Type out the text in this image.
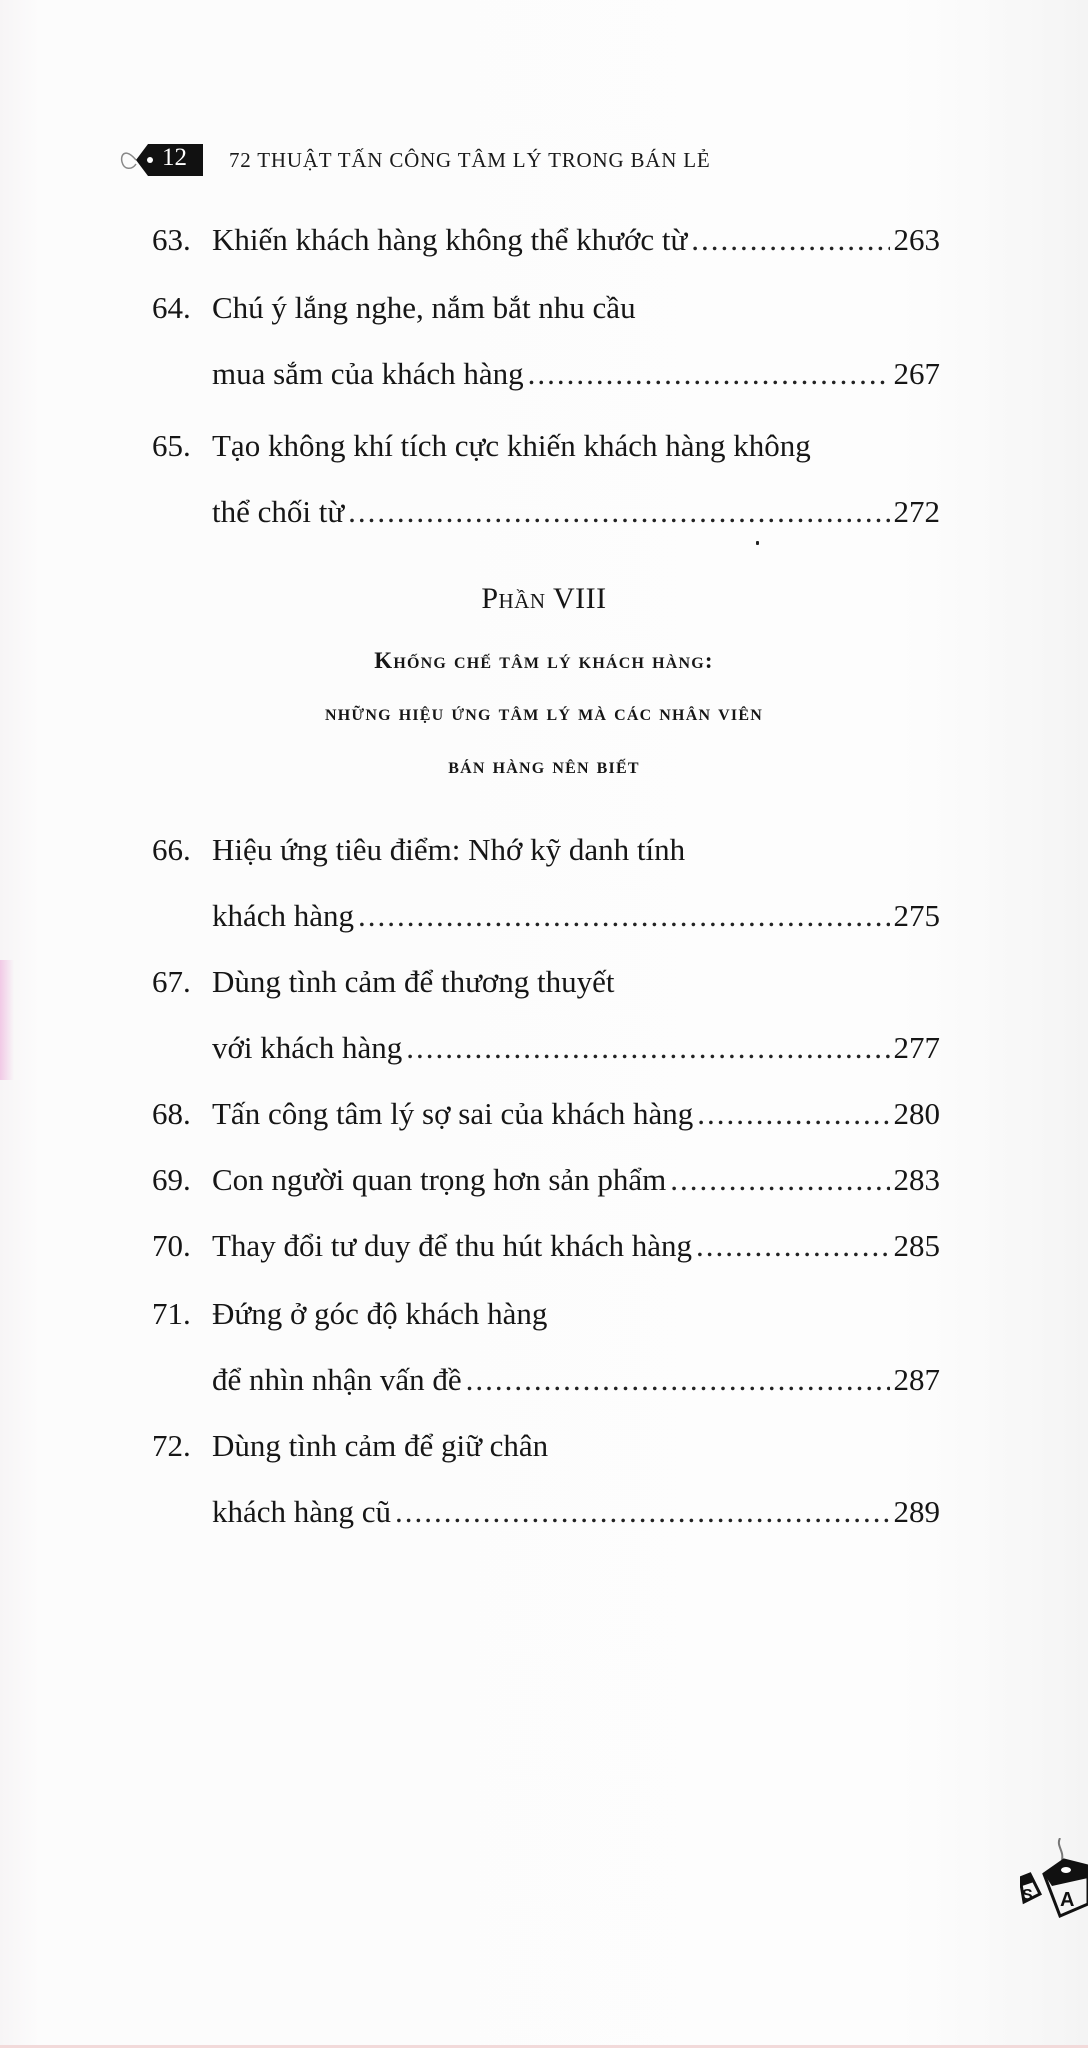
12 72 THUẬT TẤN CÔNG TÂM LÝ TRONG BÁN LẺ
63. Khiến khách hàng không thể khước từ .....	263
64. Chú ý lắng nghe, nắm bắt nhu cầu
mua sắm của khách hàng .....	267
65. Tạo không khí tích cực khiến khách hàng không
thể chối từ .....	272
Phần VIII
Khống chế tâm lý khách hàng:
những hiệu ứng tâm lý mà các nhân viên
bán hàng nên biết
66. Hiệu ứng tiêu điểm: Nhớ kỹ danh tính
khách hàng .....	275
67. Dùng tình cảm để thương thuyết
với khách hàng .....	277
68. Tấn công tâm lý sợ sai của khách hàng .....	280
69. Con người quan trọng hơn sản phẩm .....	283
70. Thay đổi tư duy để thu hút khách hàng .....	285
71. Đứng ở góc độ khách hàng
để nhìn nhận vấn đề .....	287
72. Dùng tình cảm để giữ chân
khách hàng cũ .....	289
S A
